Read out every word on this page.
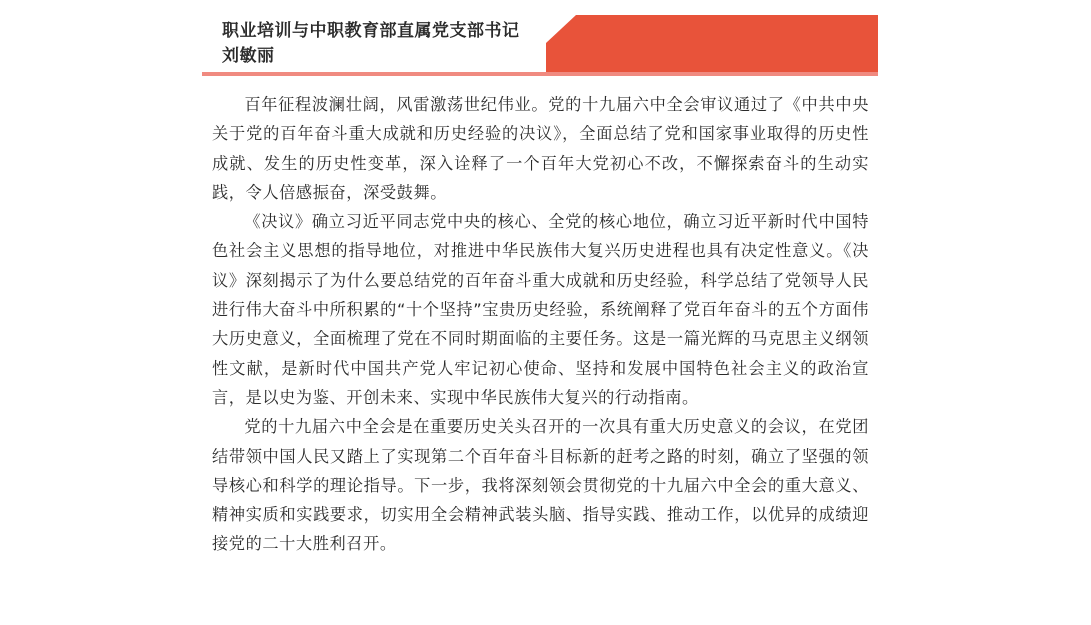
职业培训与中职教育部直属党支部书记
刘敏丽

百年征程波澜壮阔，风雷激荡世纪伟业。党的十九届六中全会审议通过了《中共中央关于党的百年奋斗重大成就和历史经验的决议》，全面总结了党和国家事业取得的历史性成就、发生的历史性变革，深入诠释了一个百年大党初心不改，不懈探索奋斗的生动实践，令人倍感振奋，深受鼓舞。

《决议》确立习近平同志党中央的核心、全党的核心地位，确立习近平新时代中国特色社会主义思想的指导地位，对推进中华民族伟大复兴历史进程也具有决定性意义。《决议》深刻揭示了为什么要总结党的百年奋斗重大成就和历史经验，科学总结了党领导人民进行伟大奋斗中所积累的“十个坚持”宝贵历史经验，系统阐释了党百年奋斗的五个方面伟大历史意义，全面梳理了党在不同时期面临的主要任务。这是一篇光辉的马克思主义纲领性文献，是新时代中国共产党人牢记初心使命、坚持和发展中国特色社会主义的政治宣言，是以史为鉴、开创未来、实现中华民族伟大复兴的行动指南。

党的十九届六中全会是在重要历史关头召开的一次具有重大历史意义的会议，在党团结带领中国人民又踏上了实现第二个百年奋斗目标新的赶考之路的时刻，确立了坚强的领导核心和科学的理论指导。下一步，我将深刻领会贯彻党的十九届六中全会的重大意义、精神实质和实践要求，切实用全会精神武装头脑、指导实践、推动工作，以优异的成绩迎接党的二十大胜利召开。
